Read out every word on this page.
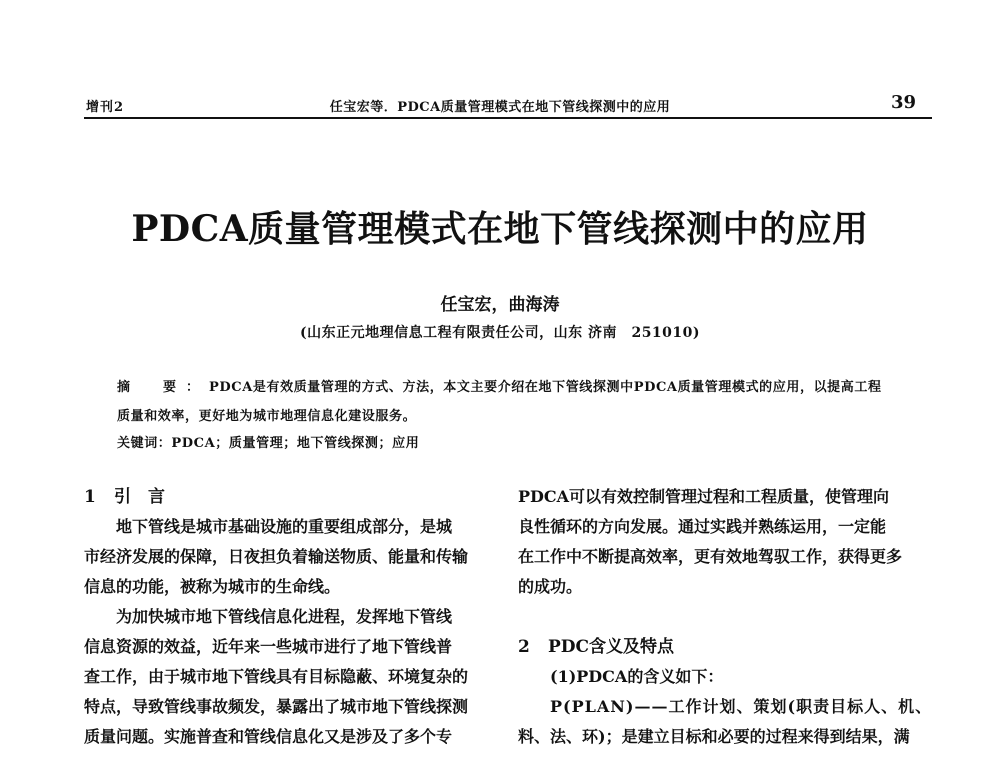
增刊2	任宝宏等．PDCA质量管理模式在地下管线探测中的应用	39
PDCA质量管理模式在地下管线探测中的应用
任宝宏，曲海涛
(山东正元地理信息工程有限责任公司，山东 济南　251010)
摘　要：PDCA是有效质量管理的方式、方法，本文主要介绍在地下管线探测中PDCA质量管理模式的应用，以提高工程
质量和效率，更好地为城市地理信息化建设服务。
关键词：PDCA；质量管理；地下管线探测；应用
1 引　言
地下管线是城市基础设施的重要组成部分，是城
市经济发展的保障，日夜担负着输送物质、能量和传输
信息的功能，被称为城市的生命线。
为加快城市地下管线信息化进程，发挥地下管线
信息资源的效益，近年来一些城市进行了地下管线普
查工作，由于城市地下管线具有目标隐蔽、环境复杂的
特点，导致管线事故频发，暴露出了城市地下管线探测
质量问题。实施普查和管线信息化又是涉及了多个专
PDCA可以有效控制管理过程和工程质量，使管理向
良性循环的方向发展。通过实践并熟练运用，一定能
在工作中不断提高效率，更有效地驾驭工作，获得更多
的成功。
2 PDC含义及特点
(1)PDCA的含义如下：
P(PLAN)——工作计划、策划(职责目标人、机、
料、法、环)；是建立目标和必要的过程来得到结果，满
